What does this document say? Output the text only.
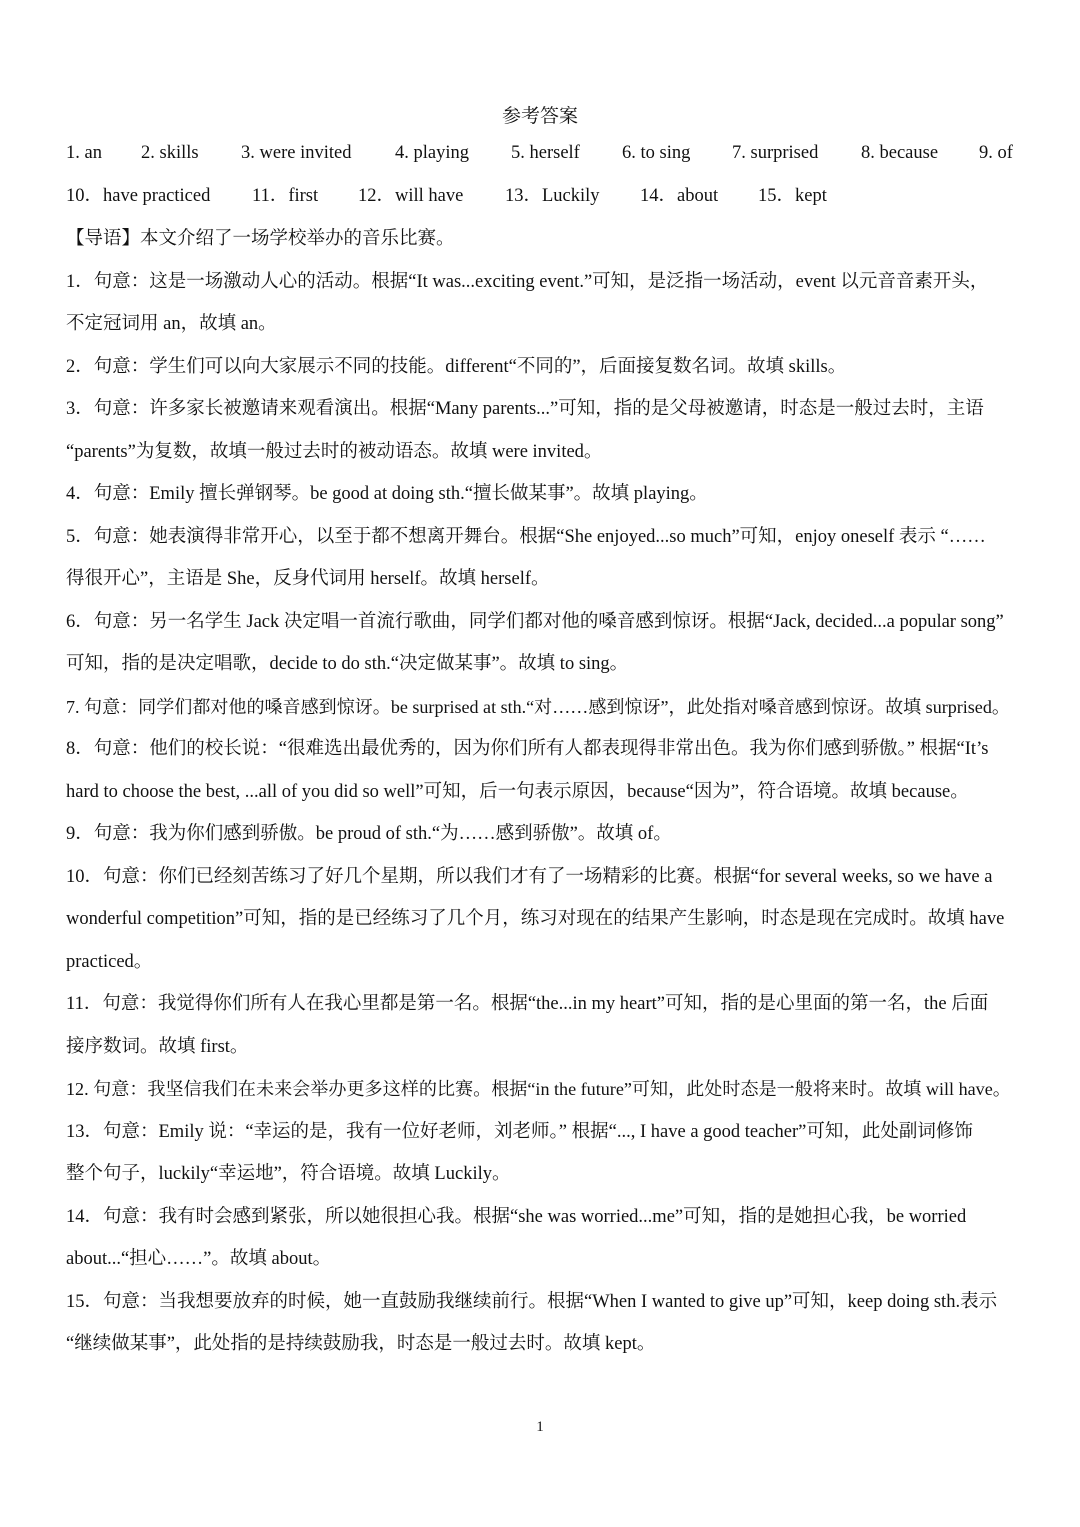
参考答案
1. an 2. skills 3. were invited 4. playing 5. herself 6. to sing 7. surprised 8. because 9. of
10．have practiced 11．first 12．will have 13．Luckily 14．about 15．kept
【导语】本文介绍了一场学校举办的音乐比赛。
1．句意：这是一场激动人心的活动。根据“It was...exciting event.”可知，是泛指一场活动，event 以元音音素开头，
不定冠词用 an，故填 an。
2．句意：学生们可以向大家展示不同的技能。different“不同的”，后面接复数名词。故填 skills。
3．句意：许多家长被邀请来观看演出。根据“Many parents...”可知，指的是父母被邀请，时态是一般过去时，主语
“parents”为复数，故填一般过去时的被动语态。故填 were invited。
4．句意：Emily 擅长弹钢琴。be good at doing sth.“擅长做某事”。故填 playing。
5．句意：她表演得非常开心，以至于都不想离开舞台。根据“She enjoyed...so much”可知，enjoy oneself 表示 “……
得很开心”，主语是 She，反身代词用 herself。故填 herself。
6．句意：另一名学生 Jack 决定唱一首流行歌曲，同学们都对他的嗓音感到惊讶。根据“Jack, decided...a popular song”
可知，指的是决定唱歌，decide to do sth.“决定做某事”。故填 to sing。
7. 句意：同学们都对他的嗓音感到惊讶。be surprised at sth.“对……感到惊讶”，此处指对嗓音感到惊讶。故填 surprised。
8．句意：他们的校长说：“很难选出最优秀的，因为你们所有人都表现得非常出色。我为你们感到骄傲。” 根据“It’s
hard to choose the best, ...all of you did so well”可知，后一句表示原因，because“因为”，符合语境。故填 because。
9．句意：我为你们感到骄傲。be proud of sth.“为……感到骄傲”。故填 of。
10．句意：你们已经刻苦练习了好几个星期，所以我们才有了一场精彩的比赛。根据“for several weeks, so we have a
wonderful competition”可知，指的是已经练习了几个月，练习对现在的结果产生影响，时态是现在完成时。故填 have
practiced。
11．句意：我觉得你们所有人在我心里都是第一名。根据“the...in my heart”可知，指的是心里面的第一名，the 后面
接序数词。故填 first。
12. 句意：我坚信我们在未来会举办更多这样的比赛。根据“in the future”可知，此处时态是一般将来时。故填 will have。
13．句意：Emily 说：“幸运的是，我有一位好老师，刘老师。” 根据“..., I have a good teacher”可知，此处副词修饰
整个句子，luckily“幸运地”，符合语境。故填 Luckily。
14．句意：我有时会感到紧张，所以她很担心我。根据“she was worried...me”可知，指的是她担心我，be worried
about...“担心……”。故填 about。
15．句意：当我想要放弃的时候，她一直鼓励我继续前行。根据“When I wanted to give up”可知，keep doing sth.表示
“继续做某事”，此处指的是持续鼓励我，时态是一般过去时。故填 kept。
1
